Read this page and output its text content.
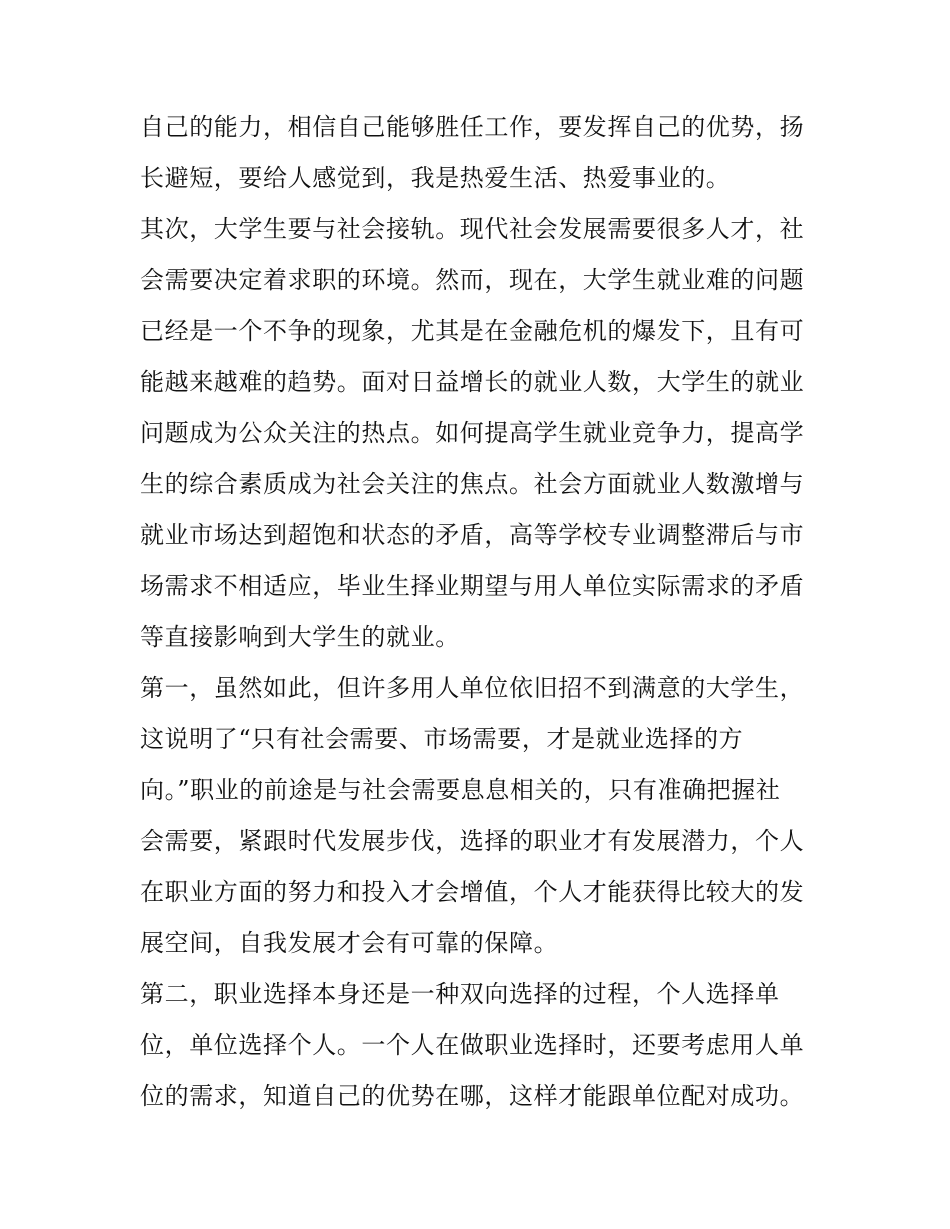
自己的能力，相信自己能够胜任工作，要发挥自己的优势，扬
长避短，要给人感觉到，我是热爱生活、热爱事业的。
其次，大学生要与社会接轨。现代社会发展需要很多人才，社
会需要决定着求职的环境。然而，现在，大学生就业难的问题
已经是一个不争的现象，尤其是在金融危机的爆发下，且有可
能越来越难的趋势。面对日益增长的就业人数，大学生的就业
问题成为公众关注的热点。如何提高学生就业竞争力，提高学
生的综合素质成为社会关注的焦点。社会方面就业人数激增与
就业市场达到超饱和状态的矛盾，高等学校专业调整滞后与市
场需求不相适应，毕业生择业期望与用人单位实际需求的矛盾
等直接影响到大学生的就业。
第一，虽然如此，但许多用人单位依旧招不到满意的大学生，
这说明了“只有社会需要、市场需要，才是就业选择的方
向。”职业的前途是与社会需要息息相关的，只有准确把握社
会需要，紧跟时代发展步伐，选择的职业才有发展潜力，个人
在职业方面的努力和投入才会增值，个人才能获得比较大的发
展空间，自我发展才会有可靠的保障。
第二，职业选择本身还是一种双向选择的过程，个人选择单
位，单位选择个人。一个人在做职业选择时，还要考虑用人单
位的需求，知道自己的优势在哪，这样才能跟单位配对成功。
